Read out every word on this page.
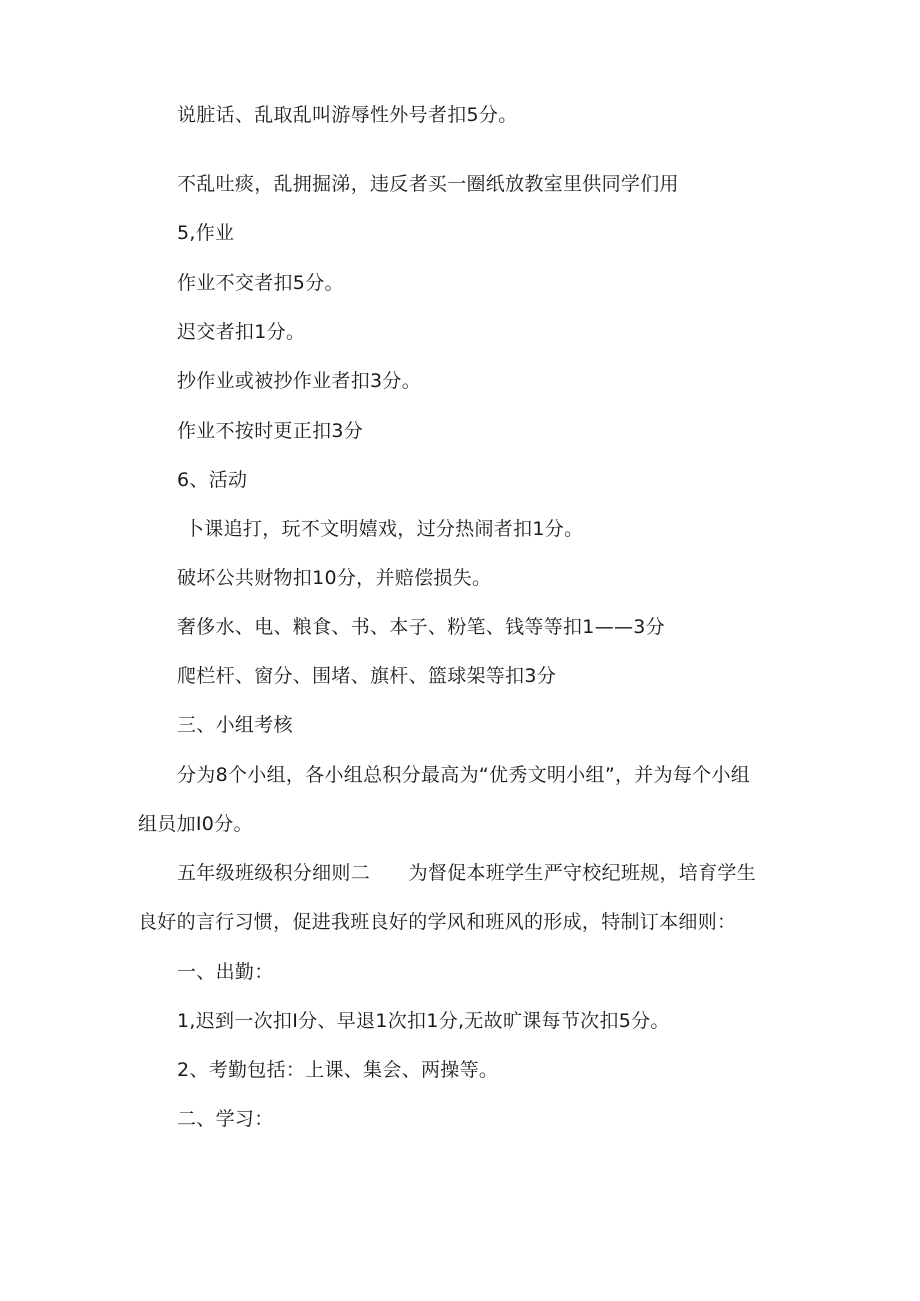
说脏话、乱取乱叫游辱性外号者扣5分。
不乱吐痰，乱拥掘涕，违反者买一圈纸放教室里供同学们用
5,作业
作业不交者扣5分。
迟交者扣1分。
抄作业或被抄作业者扣3分。
作业不按时更正扣3分
6、活动
卜课追打，玩不文明嬉戏，过分热闹者扣1分。
破坏公共财物扣10分，并赔偿损失。
奢侈水、电、粮食、书、本子、粉笔、钱等等扣1——3分
爬栏杆、窗分、围堵、旗杆、篮球架等扣3分
三、小组考核
分为8个小组，各小组总积分最高为“优秀文明小组”，并为每个小组
组员加I0分。
五年级班级积分细则二　　为督促本班学生严守校纪班规，培育学生
良好的言行习惯，促进我班良好的学风和班风的形成，特制订本细则：
一、出勤：
1,迟到一次扣I分、早退1次扣1分,无故旷课每节次扣5分。
2、考勤包括：上课、集会、两操等。
二、学习：
